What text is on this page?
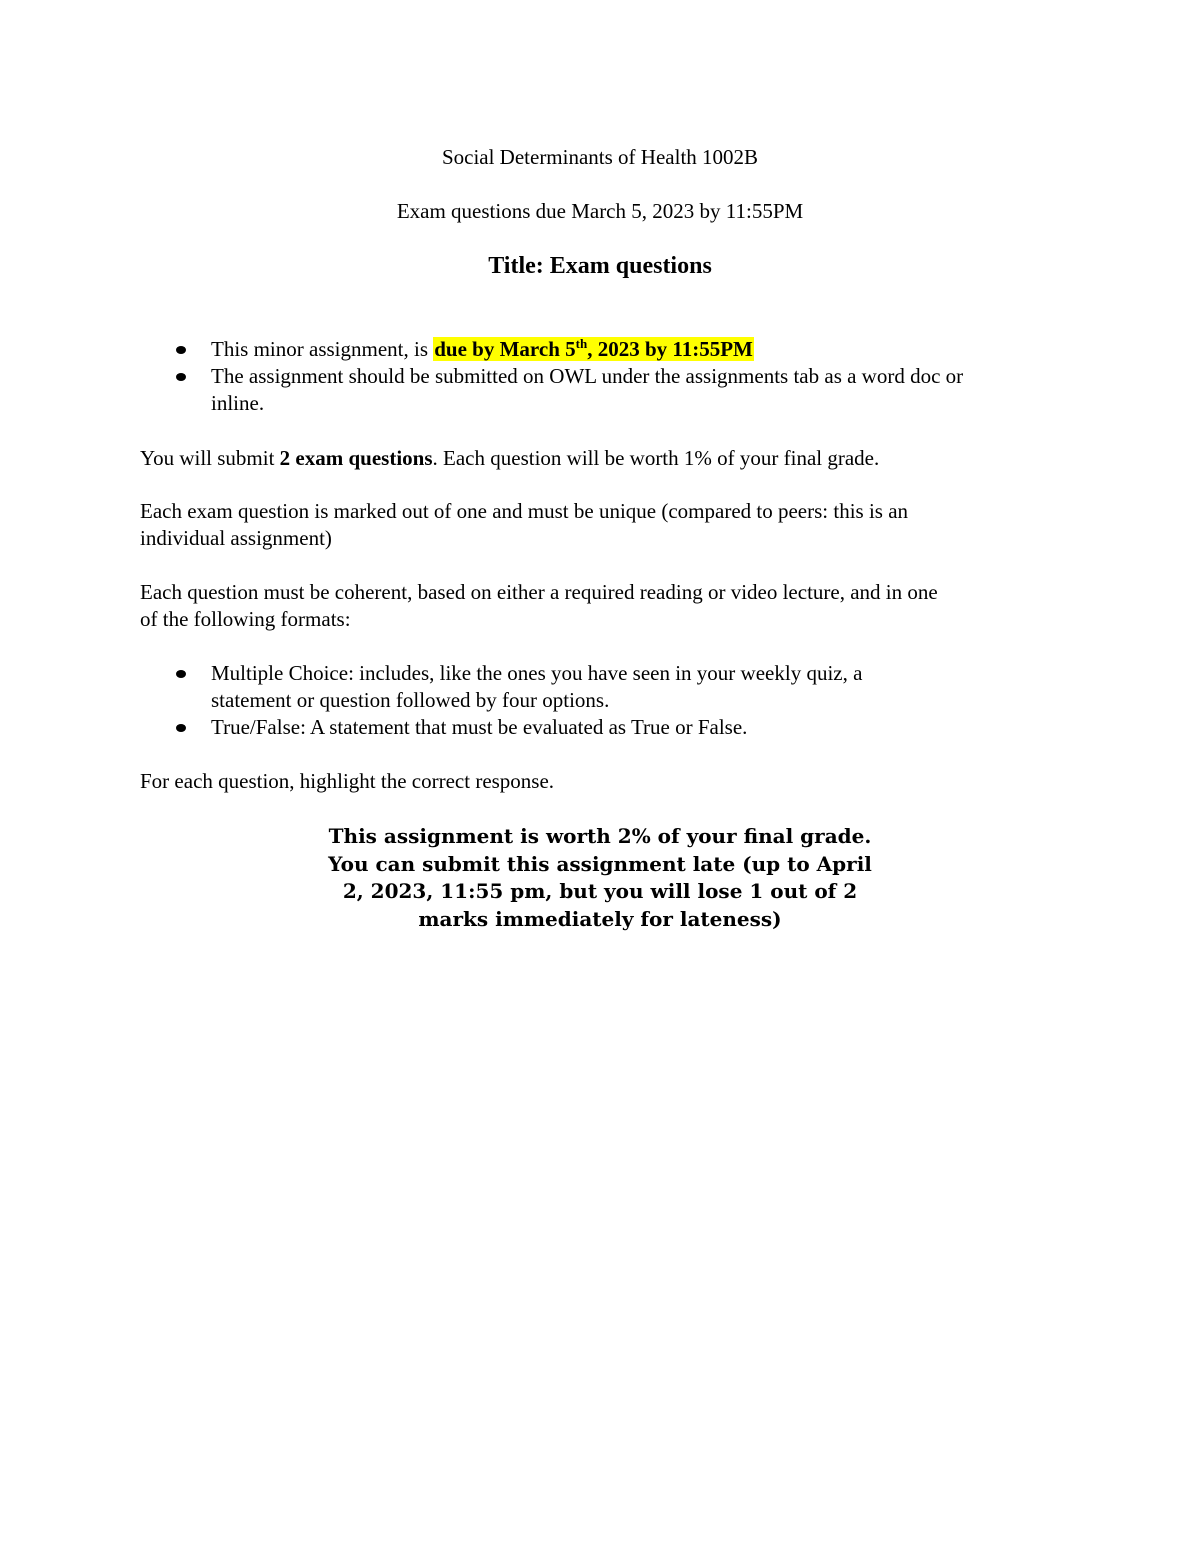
Social Determinants of Health 1002B
Exam questions due March 5, 2023 by 11:55PM
Title: Exam questions
This minor assignment, is due by March 5th, 2023 by 11:55PM
The assignment should be submitted on OWL under the assignments tab as a word doc or
inline.

You will submit 2 exam questions. Each question will be worth 1% of your final grade.

Each exam question is marked out of one and must be unique (compared to peers: this is an
individual assignment)

Each question must be coherent, based on either a required reading or video lecture, and in one
of the following formats:

Multiple Choice: includes, like the ones you have seen in your weekly quiz, a
statement or question followed by four options.
True/False: A statement that must be evaluated as True or False.

For each question, highlight the correct response.

This assignment is worth 2% of your final grade.
You can submit this assignment late (up to April
2, 2023, 11:55 pm, but you will lose 1 out of 2
marks immediately for lateness)
